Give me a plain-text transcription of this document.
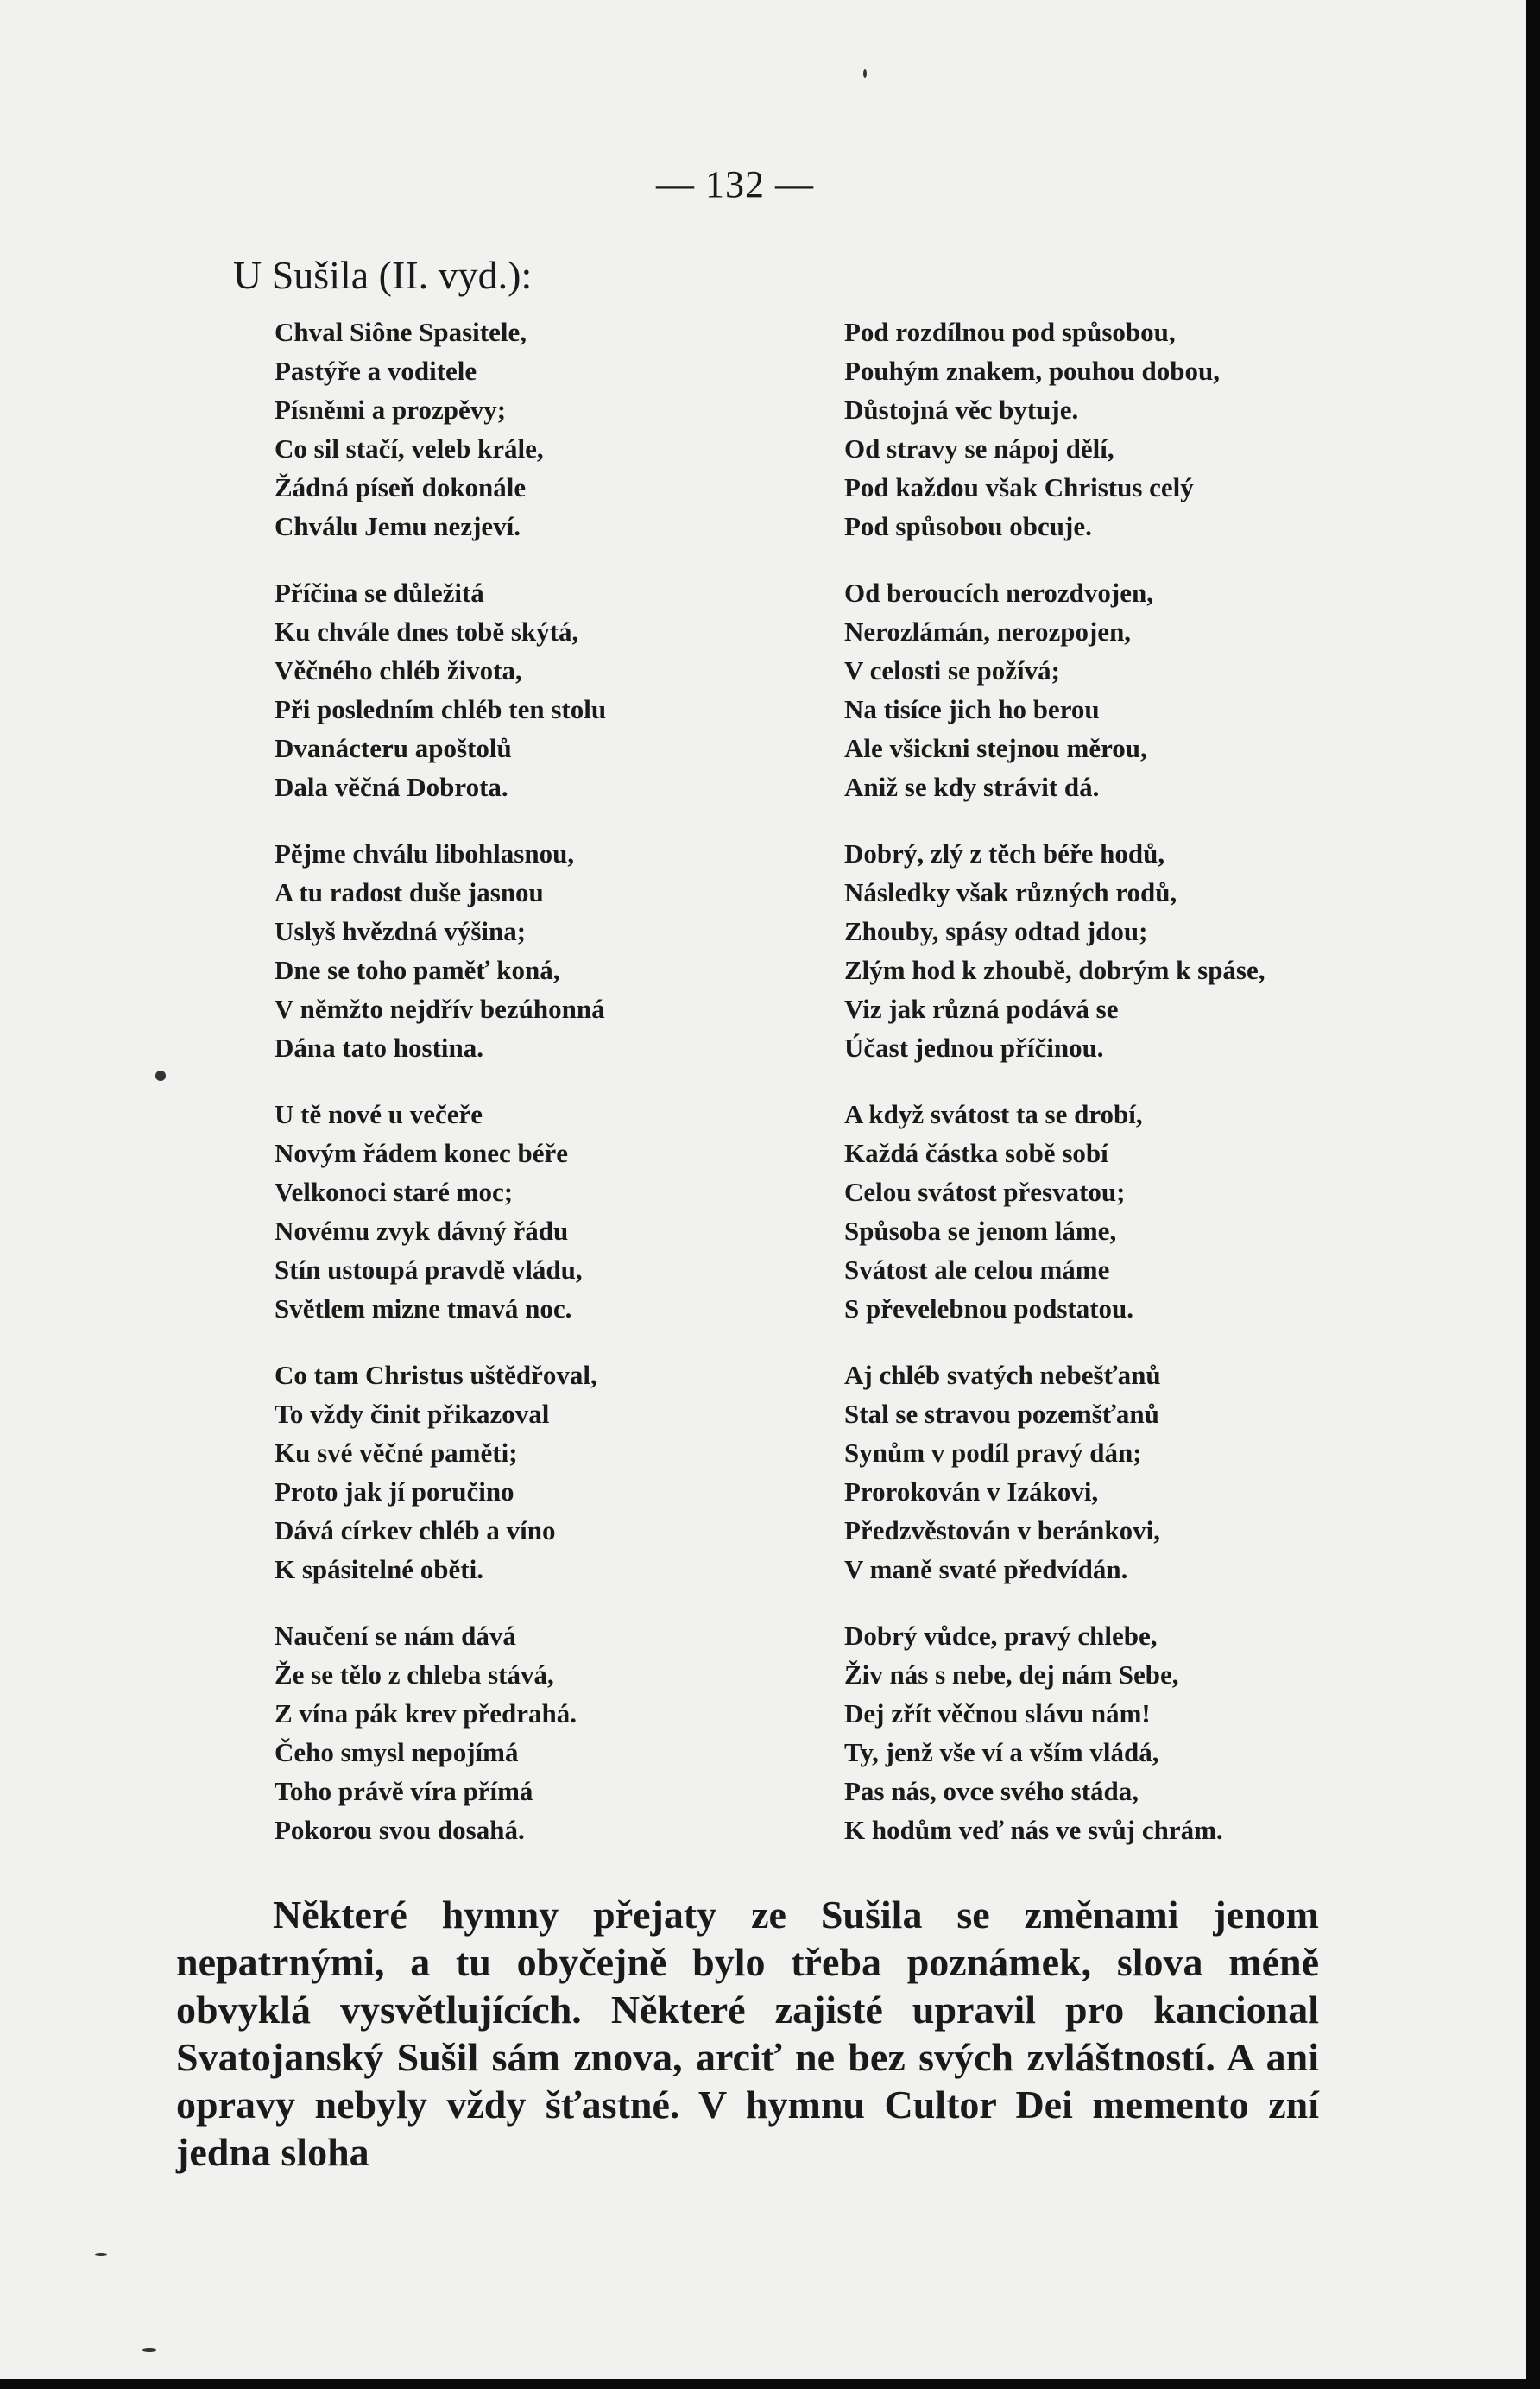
— 132 —
U Sušila (II. vyd.):
Chval Siône Spasitele,
Pastýře a voditele
Písněmi a prozpěvy;
Co sil stačí, veleb krále,
Žádná píseň dokonále
Chválu Jemu nezjeví.
Příčina se důležitá
Ku chvále dnes tobě skýtá,
Věčného chléb života,
Při posledním chléb ten stolu
Dvanácteru apoštolů
Dala věčná Dobrota.
Pějme chválu libohlasnou,
A tu radost duše jasnou
Uslyš hvězdná výšina;
Dne se toho paměť koná,
V němžto nejdřív bezúhonná
Dána tato hostina.
U tě nové u večeře
Novým řádem konec béře
Velkonoci staré moc;
Novému zvyk dávný řádu
Stín ustoupá pravdě vládu,
Světlem mizne tmavá noc.
Co tam Christus uštědřoval,
To vždy činit přikazoval
Ku své věčné paměti;
Proto jak jí poručino
Dává církev chléb a víno
K spásitelné oběti.
Naučení se nám dává
Že se tělo z chleba stává,
Z vína pák krev předrahá.
Čeho smysl nepojímá
Toho právě víra přímá
Pokorou svou dosahá.
Pod rozdílnou pod spůsobou,
Pouhým znakem, pouhou dobou,
Důstojná věc bytuje.
Od stravy se nápoj dělí,
Pod každou však Christus celý
Pod spůsobou obcuje.
Od beroucích nerozdvojen,
Nerozlámán, nerozpojen,
V celosti se požívá;
Na tisíce jich ho berou
Ale všickni stejnou měrou,
Aniž se kdy strávit dá.
Dobrý, zlý z těch béře hodů,
Následky však různých rodů,
Zhouby, spásy odtad jdou;
Zlým hod k zhoubě, dobrým k spáse,
Viz jak různá podává se
Účast jednou příčinou.
A když svátost ta se drobí,
Každá částka sobě sobí
Celou svátost přesvatou;
Spůsoba se jenom láme,
Svátost ale celou máme
S převelebnou podstatou.
Aj chléb svatých nebešťanů
Stal se stravou pozemšťanů
Synům v podíl pravý dán;
Prorokován v Izákovi,
Předzvěstován v beránkovi,
V maně svaté předvídán.
Dobrý vůdce, pravý chlebe,
Živ nás s nebe, dej nám Sebe,
Dej zřít věčnou slávu nám!
Ty, jenž vše ví a vším vládá,
Pas nás, ovce svého stáda,
K hodům veď nás ve svůj chrám.
Některé hymny přejaty ze Sušila se změnami jenom nepatrnými, a tu obyčejně bylo třeba poznámek, slova méně obvyklá vysvětlujících. Některé zajisté upravil pro kancional Svatojanský Sušil sám znova, arciť ne bez svých zvláštností. A ani opravy nebyly vždy šťastné. V hymnu Cultor Dei memento zní jedna sloha
